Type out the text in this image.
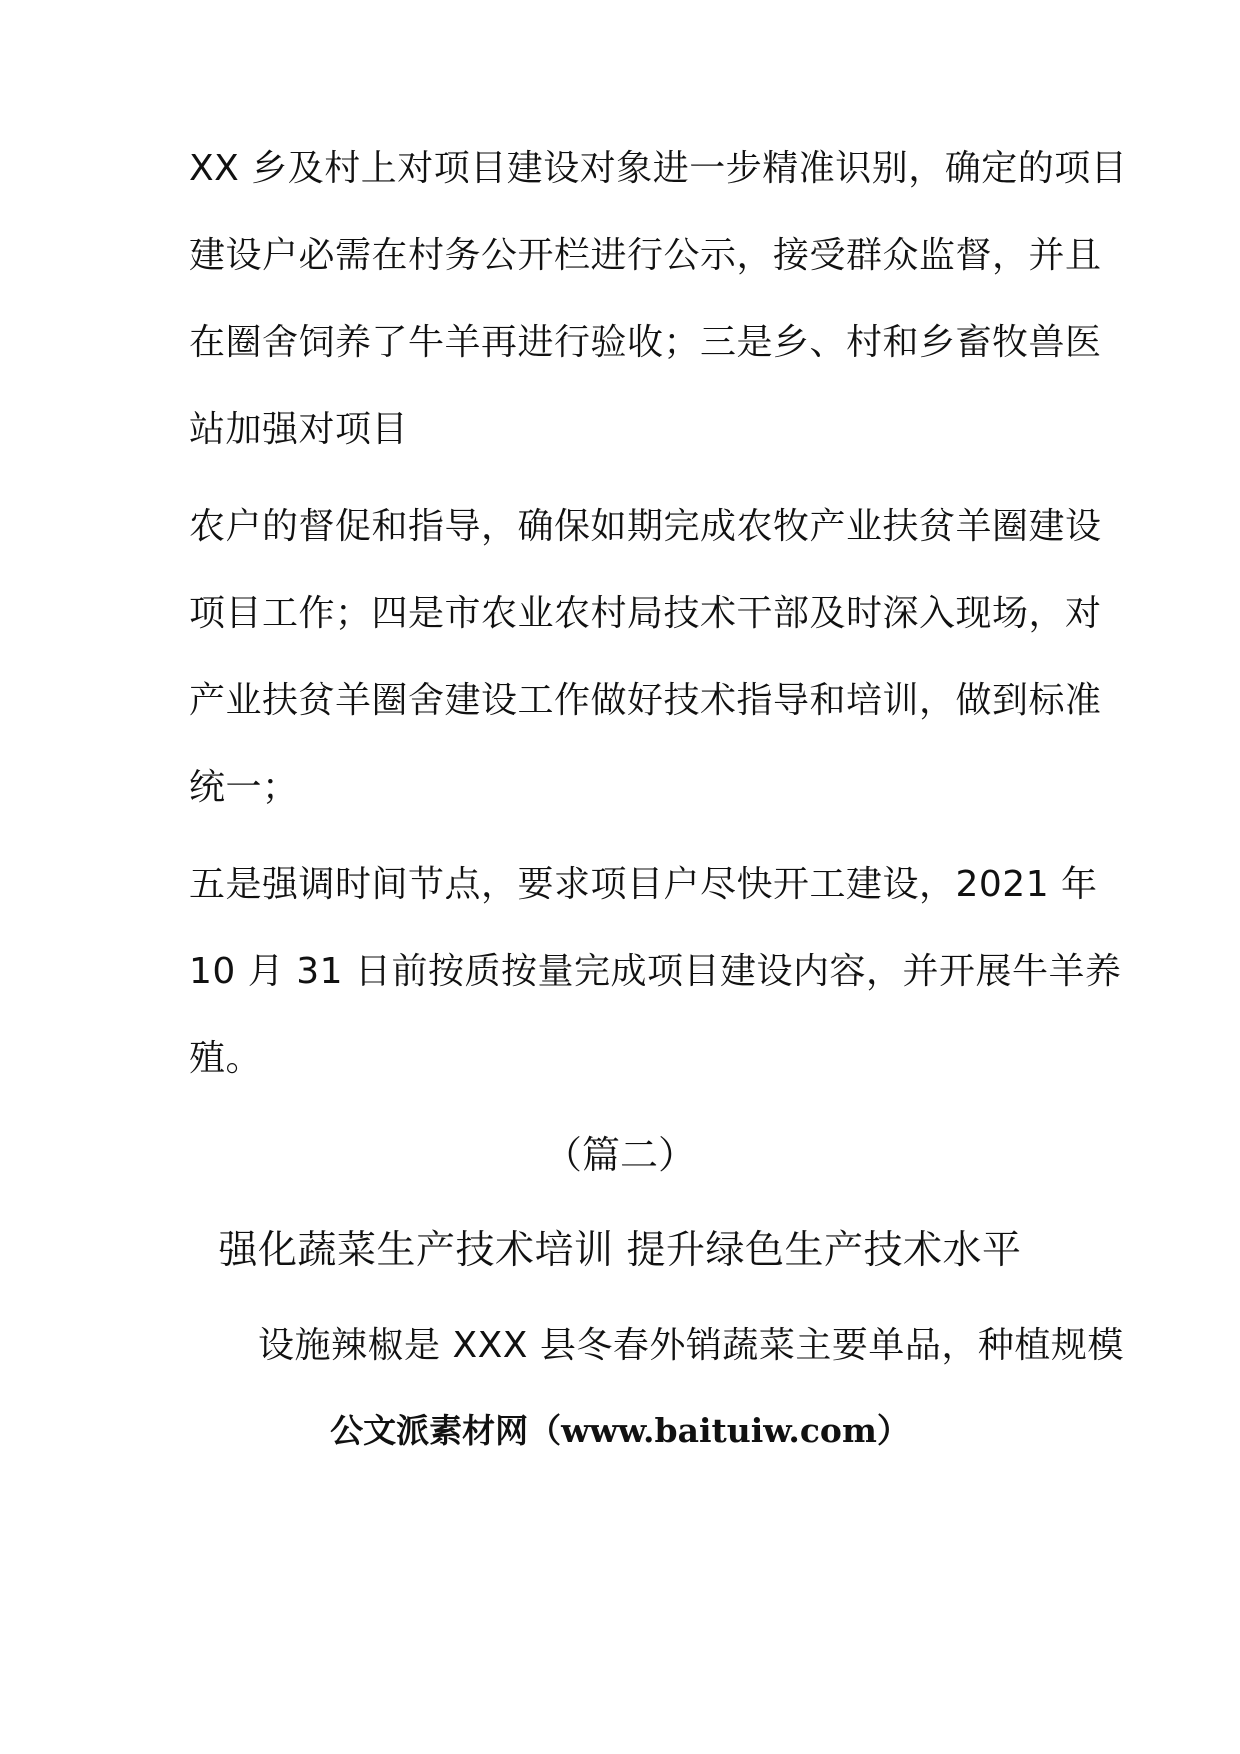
XX 乡及村上对项目建设对象进一步精准识别，确定的项目
建设户必需在村务公开栏进行公示，接受群众监督，并且
在圈舍饲养了牛羊再进行验收；三是乡、村和乡畜牧兽医
站加强对项目
农户的督促和指导，确保如期完成农牧产业扶贫羊圈建设
项目工作；四是市农业农村局技术干部及时深入现场，对
产业扶贫羊圈舍建设工作做好技术指导和培训，做到标准
统一；
五是强调时间节点，要求项目户尽快开工建设，2021 年
10 月 31 日前按质按量完成项目建设内容，并开展牛羊养
殖。
（篇二）
强化蔬菜生产技术培训 提升绿色生产技术水平
设施辣椒是 XXX 县冬春外销蔬菜主要单品，种植规模
公文派素材网（www.baituiw.com）
